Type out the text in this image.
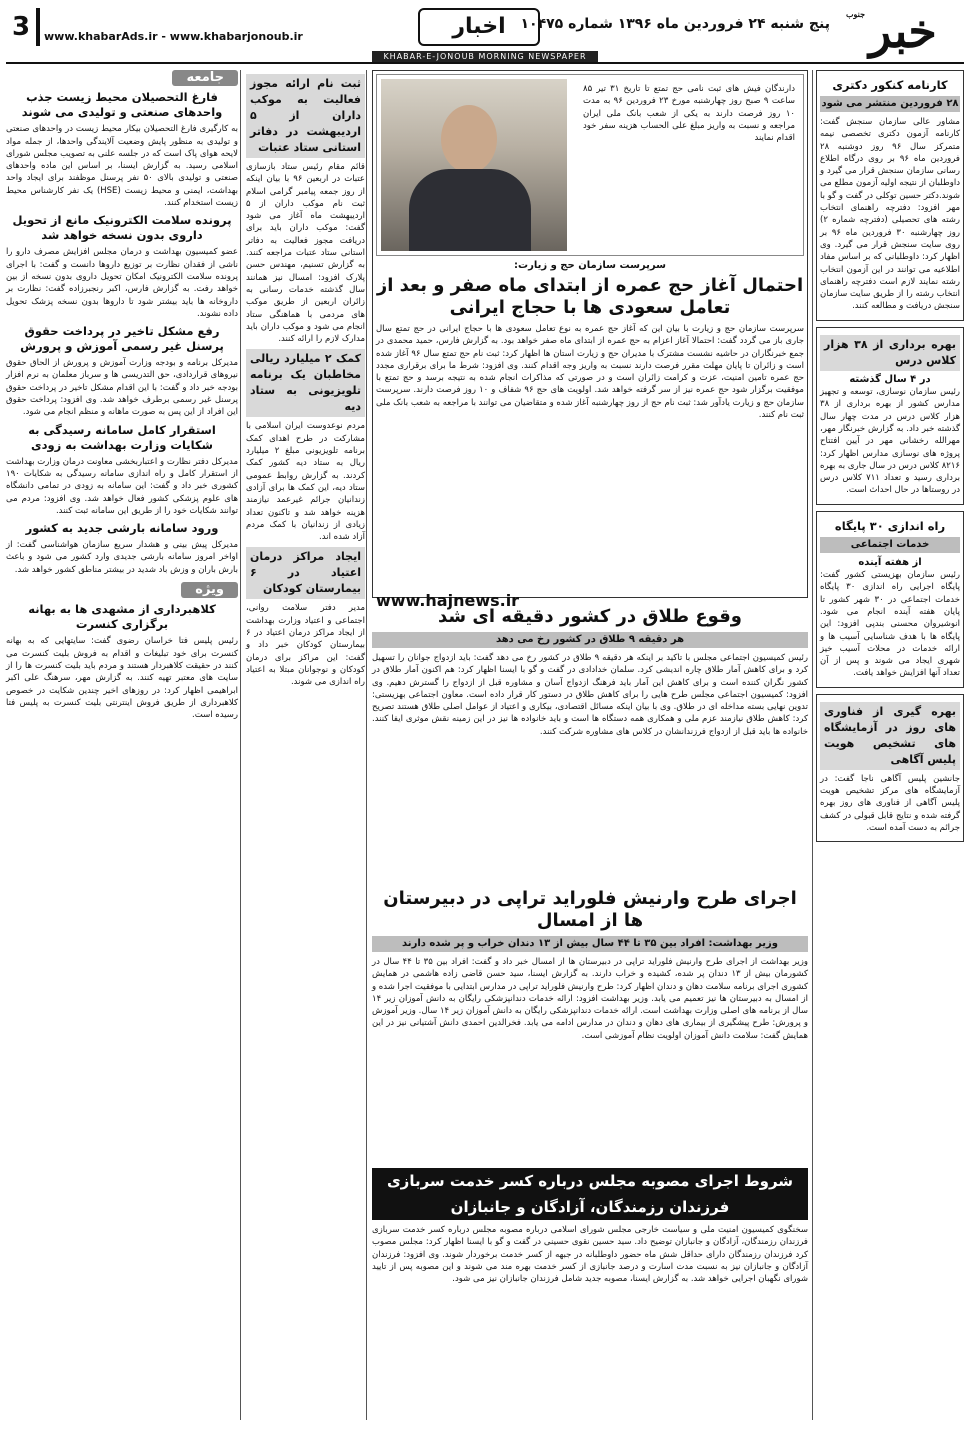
خبر
جنوب
پنج شنبه ۲۴ فروردین ماه ۱۳۹۶ شماره ۱۰۴۷۵
اخبار
www.khabarAds.ir - www.khabarjonoub.ir
3
KHABAR-E-JONOUB MORNING NEWSPAPER
کارنامه کنکور دکتری
۲۸ فروردین منتشر می شود

مشاور عالی سازمان سنجش گفت: کارنامه آزمون دکتری تخصصی نیمه متمرکز سال ۹۶ روز دوشنبه ۲۸ فروردین ماه ۹۶ بر روی درگاه اطلاع رسانی سازمان سنجش قرار می گیرد و داوطلبان از نتیجه اولیه آزمون مطلع می شوند.دکتر حسین توکلی در گفت و گو با مهر افزود: دفترچه راهنمای انتخاب رشته های تحصیلی (دفترچه شماره ۲) روز چهارشنبه ۳۰ فروردین ماه ۹۶ بر روی سایت سنجش قرار می گیرد. وی اظهار کرد: داوطلبانی که بر اساس مفاد اطلاعیه می توانند در این آزمون انتخاب رشته نمایند لازم است دفترچه راهنمای انتخاب رشته را از طریق سایت سازمان سنجش دریافت و مطالعه کنند.

بهره برداری از ۳۸ هزار کلاس درس
در ۴ سال گذشته

رئیس سازمان نوسازی، توسعه و تجهیز مدارس کشور از بهره برداری از ۳۸ هزار کلاس درس در مدت چهار سال گذشته خبر داد. به گزارش خبرنگار مهر، مهرالله رخشانی مهر در آیین افتتاح پروژه های نوسازی مدارس اظهار کرد: ۸۲۱۶ کلاس درس در سال جاری به بهره برداری رسید و تعداد ۷۱۱ کلاس درس در روستاها در حال احداث است.

راه اندازی ۳۰ پایگاه
خدمات اجتماعی
از هفته آینده

رئیس سازمان بهزیستی کشور گفت: پایگاه اجرایی راه اندازی ۳۰ پایگاه خدمات اجتماعی در ۳۰ شهر کشور تا پایان هفته آینده انجام می شود. انوشیروان محسنی بندپی افزود: این پایگاه ها با هدف شناسایی آسیب ها و ارائه خدمات در محلات آسیب خیز شهری ایجاد می شوند و پس از آن تعداد آنها افزایش خواهد یافت.

بهره گیری از فناوری های روز در آزمایشگاه های تشخیص هویت پلیس آگاهی

جانشین پلیس آگاهی ناجا گفت: در آزمایشگاه های مرکز تشخیص هویت پلیس آگاهی از فناوری های روز بهره گرفته شده و نتایج قابل قبولی در کشف جرائم به دست آمده است.

دارندگان فیش های ثبت نامی حج تمتع تا تاریخ ۳۱ تیر ۸۵ ساعت ۹ صبح روز چهارشنبه مورخ ۲۳ فروردین ۹۶ به مدت ۱۰ روز فرصت دارند به یکی از شعب بانک ملی ایران مراجعه و نسبت به واریز مبلغ علی الحساب هزینه سفر خود اقدام نمایند
سرپرست سازمان حج و زیارت:
احتمال آغاز حج عمره از ابتدای ماه صفر و بعد از تعامل سعودی ها با حجاج ایرانی
سرپرست سازمان حج و زیارت با بیان این که آغاز حج عمره به نوع تعامل سعودی ها با حجاج ایرانی در حج تمتع سال جاری باز می گردد گفت: احتمالا آغاز اعزام به حج عمره از ابتدای ماه صفر خواهد بود. به گزارش فارس، حمید محمدی در جمع خبرنگاران در حاشیه نشست مشترک با مدیران حج و زیارت استان ها اظهار کرد: ثبت نام حج تمتع سال ۹۶ آغاز شده است و زائران تا پایان مهلت مقرر فرصت دارند نسبت به واریز وجه اقدام کنند. وی افزود: شرط ما برای برقراری مجدد حج عمره تامین امنیت، عزت و کرامت زائران است و در صورتی که مذاکرات انجام شده به نتیجه برسد و حج تمتع با موفقیت برگزار شود حج عمره نیز از سر گرفته خواهد شد. اولویت های حج ۹۶ شفاف و ۱۰ روز فرصت دارند. سرپرست سازمان حج و زیارت یادآور شد: ثبت نام حج از روز چهارشنبه آغاز شده و متقاضیان می توانند با مراجعه به شعب بانک ملی ثبت نام کنند.
www.hajnews.ir
وقوع طلاق در کشور دقیقه ای شد
هر دقیقه ۹ طلاق در کشور رخ می دهد
رئیس کمیسیون اجتماعی مجلس با تاکید بر اینکه هر دقیقه ۹ طلاق در کشور رخ می دهد گفت: باید ازدواج جوانان را تسهیل کرد و برای کاهش آمار طلاق چاره اندیشی کرد. سلمان خدادادی در گفت و گو با ایسنا اظهار کرد: هم اکنون آمار طلاق در کشور نگران کننده است و برای کاهش این آمار باید فرهنگ ازدواج آسان و مشاوره قبل از ازدواج را گسترش دهیم. وی افزود: کمیسیون اجتماعی مجلس طرح هایی را برای کاهش طلاق در دستور کار قرار داده است. معاون اجتماعی بهزیستی: تدوین نهایی بسته مداخله ای در طلاق. وی با بیان اینکه مسائل اقتصادی، بیکاری و اعتیاد از عوامل اصلی طلاق هستند تصریح کرد: کاهش طلاق نیازمند عزم ملی و همکاری همه دستگاه ها است و باید خانواده ها نیز در این زمینه نقش موثری ایفا کنند. خانواده ها باید قبل از ازدواج فرزندانشان در کلاس های مشاوره شرکت کنند.
اجرای طرح وارنیش فلوراید تراپی در دبیرستان ها از امسال
وزیر بهداشت: افراد بین ۳۵ تا ۴۴ سال بیش از ۱۳ دندان خراب و پر شده دارند
وزیر بهداشت از اجرای طرح وارنیش فلوراید تراپی در دبیرستان ها از امسال خبر داد و گفت: افراد بین ۳۵ تا ۴۴ سال در کشورمان بیش از ۱۳ دندان پر شده، کشیده و خراب دارند. به گزارش ایسنا، سید حسن قاضی زاده هاشمی در همایش کشوری اجرای برنامه سلامت دهان و دندان اظهار کرد: طرح وارنیش فلوراید تراپی در مدارس ابتدایی با موفقیت اجرا شده و از امسال به دبیرستان ها نیز تعمیم می یابد. وزیر بهداشت افزود: ارائه خدمات دندانپزشکی رایگان به دانش آموزان زیر ۱۴ سال از برنامه های اصلی وزارت بهداشت است. ارائه خدمات دندانپزشکی رایگان به دانش آموزان زیر ۱۴ سال. وزیر آموزش و پرورش: طرح پیشگیری از بیماری های دهان و دندان در مدارس ادامه می یابد. فخرالدین احمدی دانش آشتیانی نیز در این همایش گفت: سلامت دانش آموزان اولویت نظام آموزشی است.
شروط اجرای مصوبه مجلس درباره کسر خدمت سربازی فرزندان رزمندگان، آزادگان و جانبازان
سخنگوی کمیسیون امنیت ملی و سیاست خارجی مجلس شورای اسلامی درباره مصوبه مجلس درباره کسر خدمت سربازی فرزندان رزمندگان، آزادگان و جانبازان توضیح داد. سید حسین نقوی حسینی در گفت و گو با ایسنا اظهار کرد: مجلس مصوب کرد فرزندان رزمندگان دارای حداقل شش ماه حضور داوطلبانه در جبهه از کسر خدمت برخوردار شوند. وی افزود: فرزندان آزادگان و جانبازان نیز به نسبت مدت اسارت و درصد جانبازی از کسر خدمت بهره مند می شوند و این مصوبه پس از تایید شورای نگهبان اجرایی خواهد شد. به گزارش ایسنا، مصوبه جدید شامل فرزندان جانبازان نیز می شود.
ثبت نام ارائه مجوز فعالیت به موکب داران از ۵ اردیبهشت در دفاتر استانی ستاد عتبات

قائم مقام رئیس ستاد بازسازی عتبات در اربعین ۹۶ با بیان اینکه از روز جمعه پیامبر گرامی اسلام ثبت نام موکب داران از ۵ اردیبهشت ماه آغاز می شود گفت: موکب داران باید برای دریافت مجوز فعالیت به دفاتر استانی ستاد عتبات مراجعه کنند. به گزارش تسنیم، مهندس حسن پلارک افزود: امسال نیز همانند سال گذشته خدمات رسانی به زائران اربعین از طریق موکب های مردمی با هماهنگی ستاد انجام می شود و موکب داران باید مدارک لازم را ارائه کنند.

کمک ۲ میلیارد ریالی مخاطبان یک برنامه تلویزیونی به ستاد دیه

مردم نوعدوست ایران اسلامی با مشارکت در طرح اهدای کمک برنامه تلویزیونی مبلغ ۲ میلیارد ریال به ستاد دیه کشور کمک کردند. به گزارش روابط عمومی ستاد دیه، این کمک ها برای آزادی زندانیان جرائم غیرعمد نیازمند هزینه خواهد شد و تاکنون تعداد زیادی از زندانیان با کمک مردم آزاد شده اند.

ایجاد مراکز درمان اعتیاد در ۶ بیمارستان کودکان

مدیر دفتر سلامت روانی، اجتماعی و اعتیاد وزارت بهداشت از ایجاد مراکز درمان اعتیاد در ۶ بیمارستان کودکان خبر داد و گفت: این مراکز برای درمان کودکان و نوجوانان مبتلا به اعتیاد راه اندازی می شوند.

جامعه
فارغ التحصیلان محیط زیست جذب واحدهای صنعتی و تولیدی می شوند

به کارگیری فارغ التحصیلان بیکار محیط زیست در واحدهای صنعتی و تولیدی به منظور پایش وضعیت آلایندگی واحدها، از جمله مواد لایحه هوای پاک است که در جلسه علنی به تصویب مجلس شورای اسلامی رسید. به گزارش ایسنا، بر اساس این ماده واحدهای صنعتی و تولیدی بالای ۵۰ نفر پرسنل موظفند برای ایجاد واحد بهداشت، ایمنی و محیط زیست (HSE) یک نفر کارشناس محیط زیست استخدام کنند.

پرونده سلامت الکترونیک مانع از تحویل داروی بدون نسخه خواهد شد

عضو کمیسیون بهداشت و درمان مجلس افزایش مصرف دارو را ناشی از فقدان نظارت بر توزیع داروها دانست و گفت: با اجرای پرونده سلامت الکترونیک امکان تحویل داروی بدون نسخه از بین خواهد رفت. به گزارش فارس، اکبر رنجبرزاده گفت: نظارت بر داروخانه ها باید بیشتر شود تا داروها بدون نسخه پزشک تحویل داده نشوند.

رفع مشکل تاخیر در پرداخت حقوق پرسنل غیر رسمی آموزش و پرورش

مدیرکل برنامه و بودجه وزارت آموزش و پرورش از الحاق حقوق نیروهای قراردادی، حق التدریسی ها و سرباز معلمان به نرم افزار بودجه خبر داد و گفت: با این اقدام مشکل تاخیر در پرداخت حقوق پرسنل غیر رسمی برطرف خواهد شد. وی افزود: پرداخت حقوق این افراد از این پس به صورت ماهانه و منظم انجام می شود.

استقرار کامل سامانه رسیدگی به شکایات وزارت بهداشت به زودی

مدیرکل دفتر نظارت و اعتباربخشی معاونت درمان وزارت بهداشت از استقرار کامل و راه اندازی سامانه رسیدگی به شکایات ۱۹۰ کشوری خبر داد و گفت: این سامانه به زودی در تمامی دانشگاه های علوم پزشکی کشور فعال خواهد شد. وی افزود: مردم می توانند شکایات خود را از طریق این سامانه ثبت کنند.

ورود سامانه بارشی جدید به کشور

مدیرکل پیش بینی و هشدار سریع سازمان هواشناسی گفت: از اواخر امروز سامانه بارشی جدیدی وارد کشور می شود و باعث بارش باران و وزش باد شدید در بیشتر مناطق کشور خواهد شد.

ویژه
کلاهبرداری از مشهدی ها به بهانه برگزاری کنسرت

رئیس پلیس فتا خراسان رضوی گفت: سایتهایی که به بهانه کنسرت برای خود تبلیغات و اقدام به فروش بلیت کنسرت می کنند در حقیقت کلاهبردار هستند و مردم باید بلیت کنسرت ها را از سایت های معتبر تهیه کنند. به گزارش مهر، سرهنگ علی اکبر ابراهیمی اظهار کرد: در روزهای اخیر چندین شکایت در خصوص کلاهبرداری از طریق فروش اینترنتی بلیت کنسرت به پلیس فتا رسیده است.
